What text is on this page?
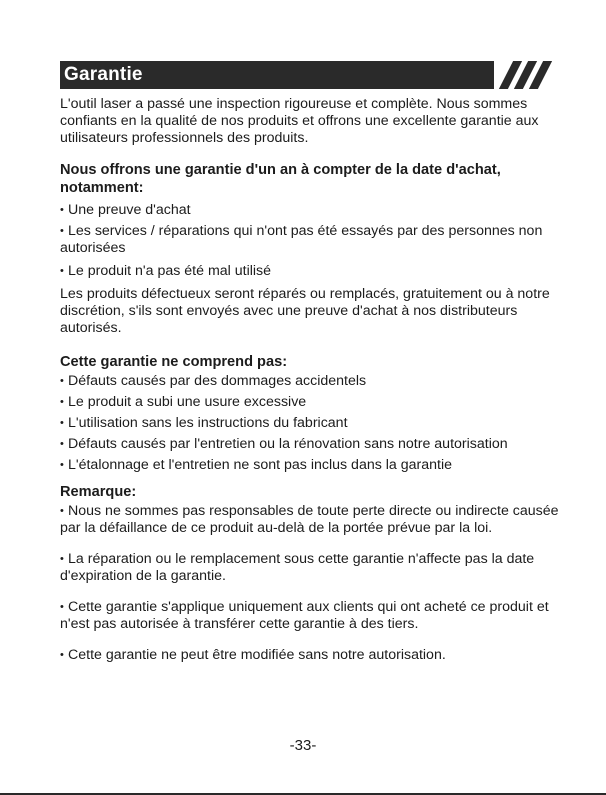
Garantie

L'outil laser a passé une inspection rigoureuse et complète. Nous sommes confiants en la qualité de nos produits et offrons une excellente garantie aux utilisateurs professionnels des produits.

Nous offrons une garantie d'un an à compter de la date d'achat,

notamment:

• Une preuve d'achat

• Les services / réparations qui n'ont pas été essayés par des personnes non autorisées

• Le produit n'a pas été mal utilisé

Les produits défectueux seront réparés ou remplacés, gratuitement ou à notre discrétion, s'ils sont envoyés avec une preuve d'achat à nos distributeurs autorisés.

Cette garantie ne comprend pas:

• Défauts causés par des dommages accidentels

• Le produit a subi une usure excessive

• L'utilisation sans les instructions du fabricant

• Défauts causés par l'entretien ou la rénovation sans notre autorisation

• L'étalonnage et l'entretien ne sont pas inclus dans la garantie

Remarque:

• Nous ne sommes pas responsables de toute perte directe ou indirecte causée par la défaillance de ce produit au-delà de la portée prévue par la loi.

• La réparation ou le remplacement sous cette garantie n'affecte pas la date d'expiration de la garantie.

• Cette garantie s'applique uniquement aux clients qui ont acheté ce produit et n'est pas autorisée à transférer cette garantie à des tiers.

• Cette garantie ne peut être modifiée sans notre autorisation.

-33-
